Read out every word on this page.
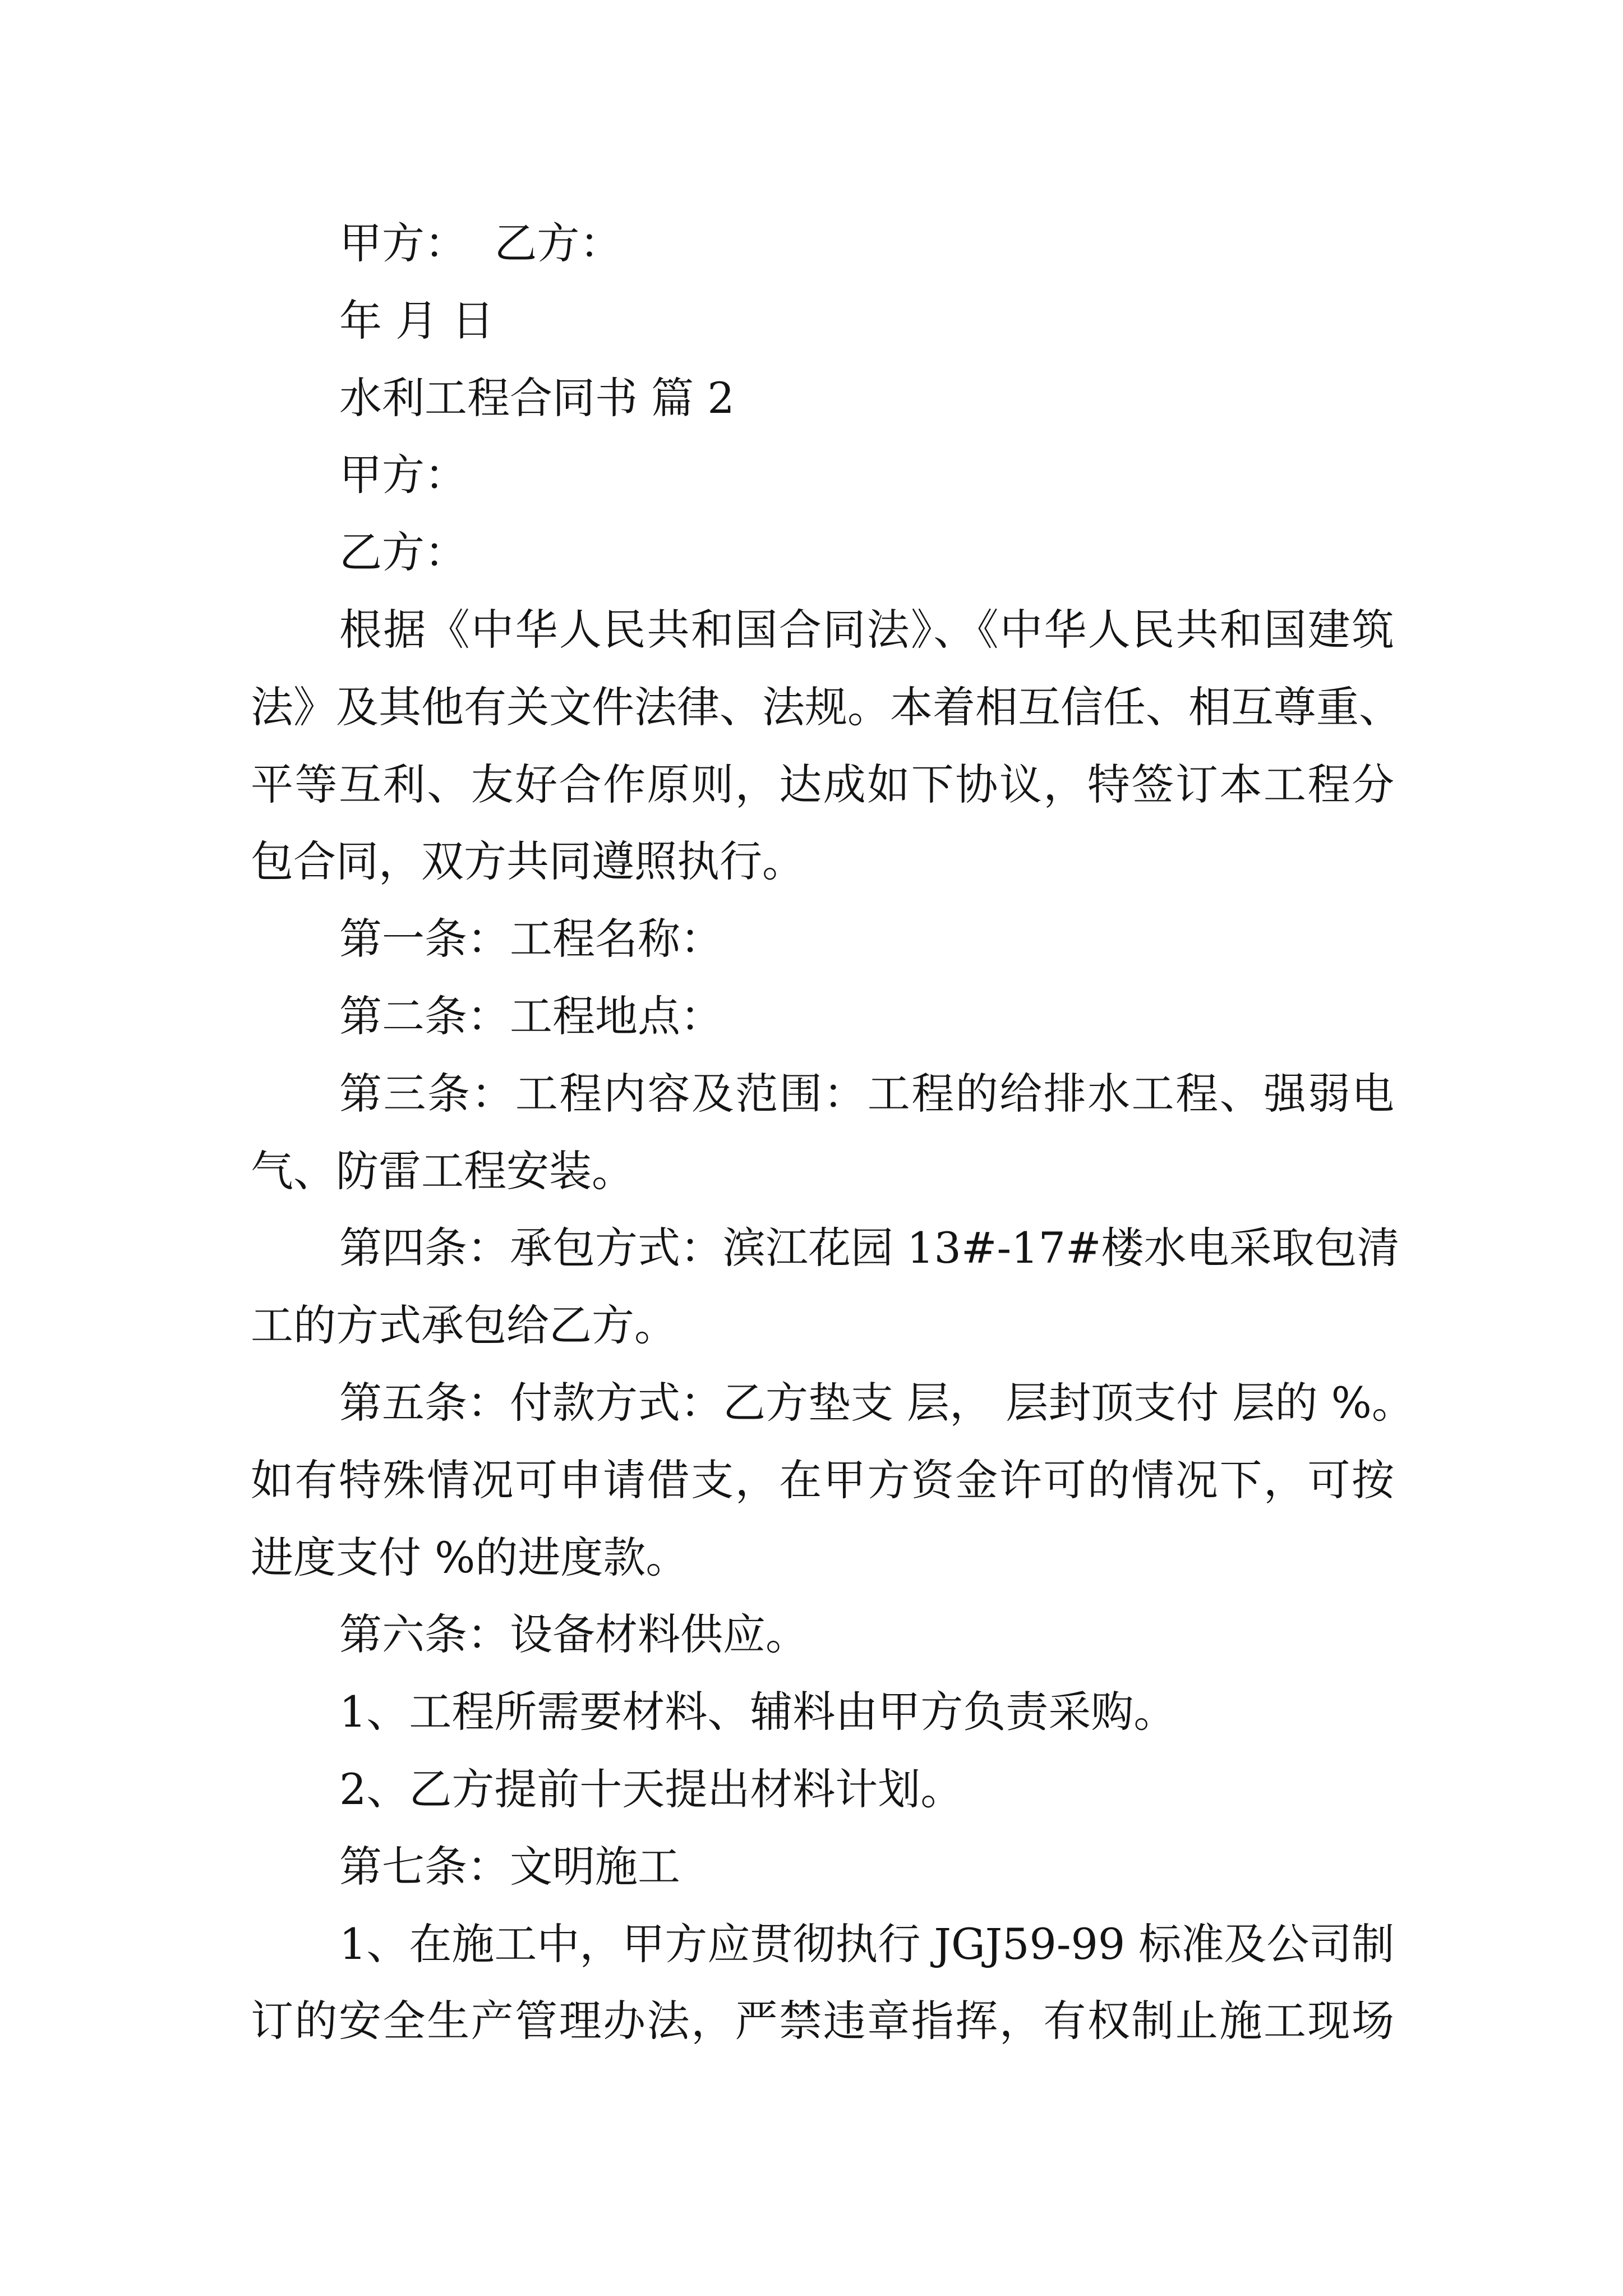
甲方：  乙方：
年 月 日
水利工程合同书 篇 2
甲方：
乙方：
根据《中华人民共和国合同法》、《中华人民共和国建筑
法》及其他有关文件法律、法规。本着相互信任、相互尊重、
平等互利、友好合作原则，达成如下协议，特签订本工程分
包合同，双方共同遵照执行。
第一条：工程名称：
第二条：工程地点：
第三条：工程内容及范围：工程的给排水工程、强弱电
气、防雷工程安装。
第四条：承包方式：滨江花园 13#-17#楼水电采取包清
工的方式承包给乙方。
第五条：付款方式：乙方垫支 层， 层封顶支付 层的 %。
如有特殊情况可申请借支，在甲方资金许可的情况下，可按
进度支付 %的进度款。
第六条：设备材料供应。
1、工程所需要材料、辅料由甲方负责采购。
2、乙方提前十天提出材料计划。
第七条：文明施工
1、在施工中，甲方应贯彻执行 JGJ59-99 标准及公司制
订的安全生产管理办法，严禁违章指挥，有权制止施工现场
